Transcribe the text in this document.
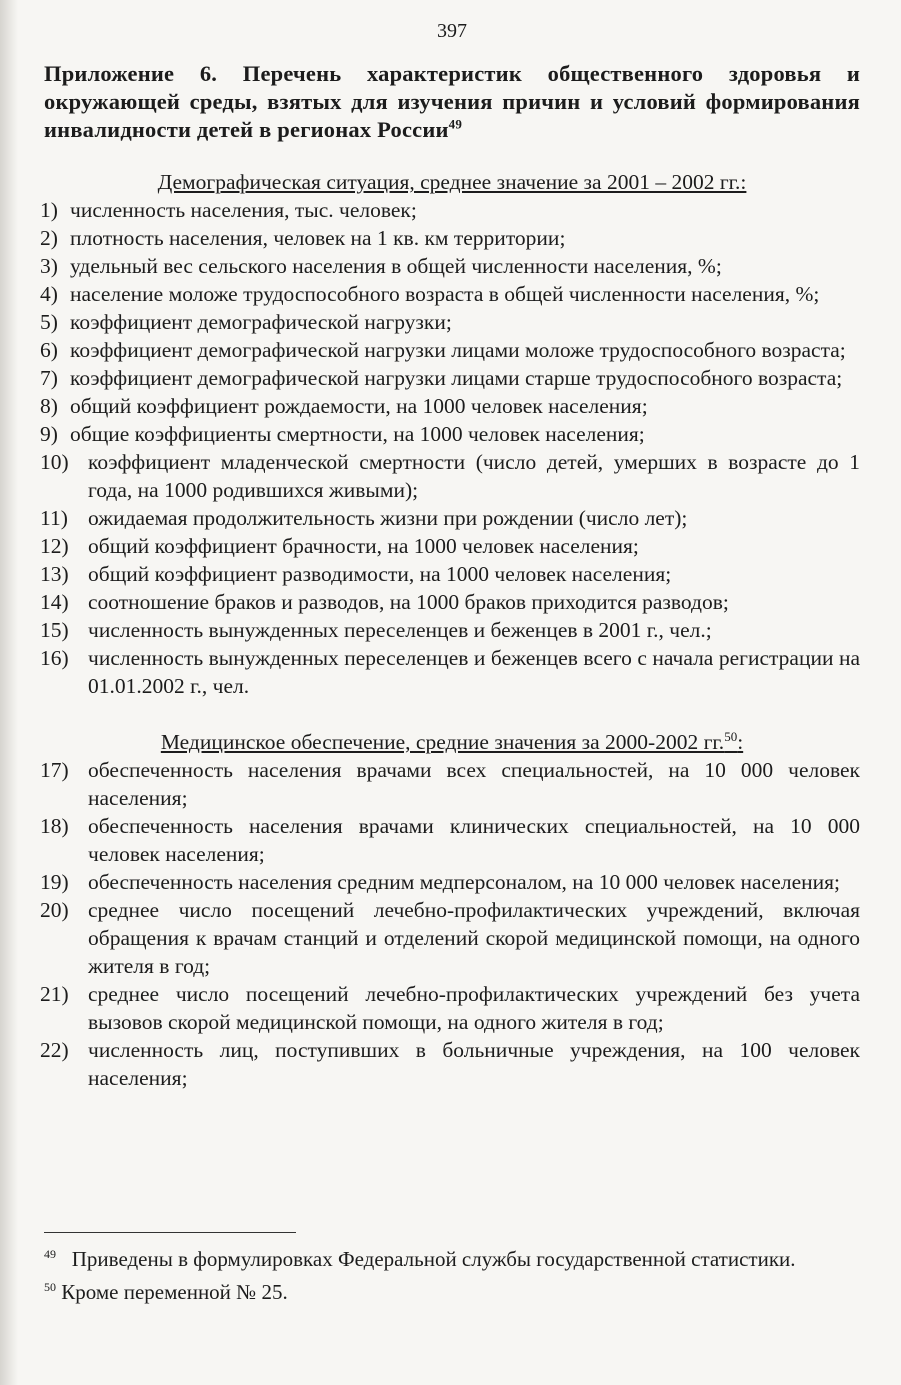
397
Приложение 6. Перечень характеристик общественного здоровья и окружающей среды, взятых для изучения причин и условий формирования инвалидности детей в регионах России$^{49}$
Демографическая ситуация, среднее значение за 2001 – 2002 гг.:
1) численность населения, тыс. человек;
2) плотность населения, человек на 1 кв. км территории;
3) удельный вес сельского населения в общей численности населения, %;
4) население моложе трудоспособного возраста в общей численности населения, %;
5) коэффициент демографической нагрузки;
6) коэффициент демографической нагрузки лицами моложе трудоспособного возраста;
7) коэффициент демографической нагрузки лицами старше трудоспособного возраста;
8) общий коэффициент рождаемости, на 1000 человек населения;
9) общие коэффициенты смертности, на 1000 человек населения;
10) коэффициент младенческой смертности (число детей, умерших в возрасте до 1 года, на 1000 родившихся живыми);
11) ожидаемая продолжительность жизни при рождении (число лет);
12) общий коэффициент брачности, на 1000 человек населения;
13) общий коэффициент разводимости, на 1000 человек населения;
14) соотношение браков и разводов, на 1000 браков приходится разводов;
15) численность вынужденных переселенцев и беженцев в 2001 г., чел.;
16) численность вынужденных переселенцев и беженцев всего с начала регистрации на 01.01.2002 г., чел.
Медицинское обеспечение, средние значения за 2000-2002 гг.$^{50}$:
17) обеспеченность населения врачами всех специальностей, на 10 000 человек населения;
18) обеспеченность населения врачами клинических специальностей, на 10 000 человек населения;
19) обеспеченность населения средним медперсоналом, на 10 000 человек населения;
20) среднее число посещений лечебно-профилактических учреждений, включая обращения к врачам станций и отделений скорой медицинской помощи, на одного жителя в год;
21) среднее число посещений лечебно-профилактических учреждений без учета вызовов скорой медицинской помощи, на одного жителя в год;
22) численность лиц, поступивших в больничные учреждения, на 100 человек населения;
$^{49}$ Приведены в формулировках Федеральной службы государственной статистики.
$^{50}$ Кроме переменной № 25.
